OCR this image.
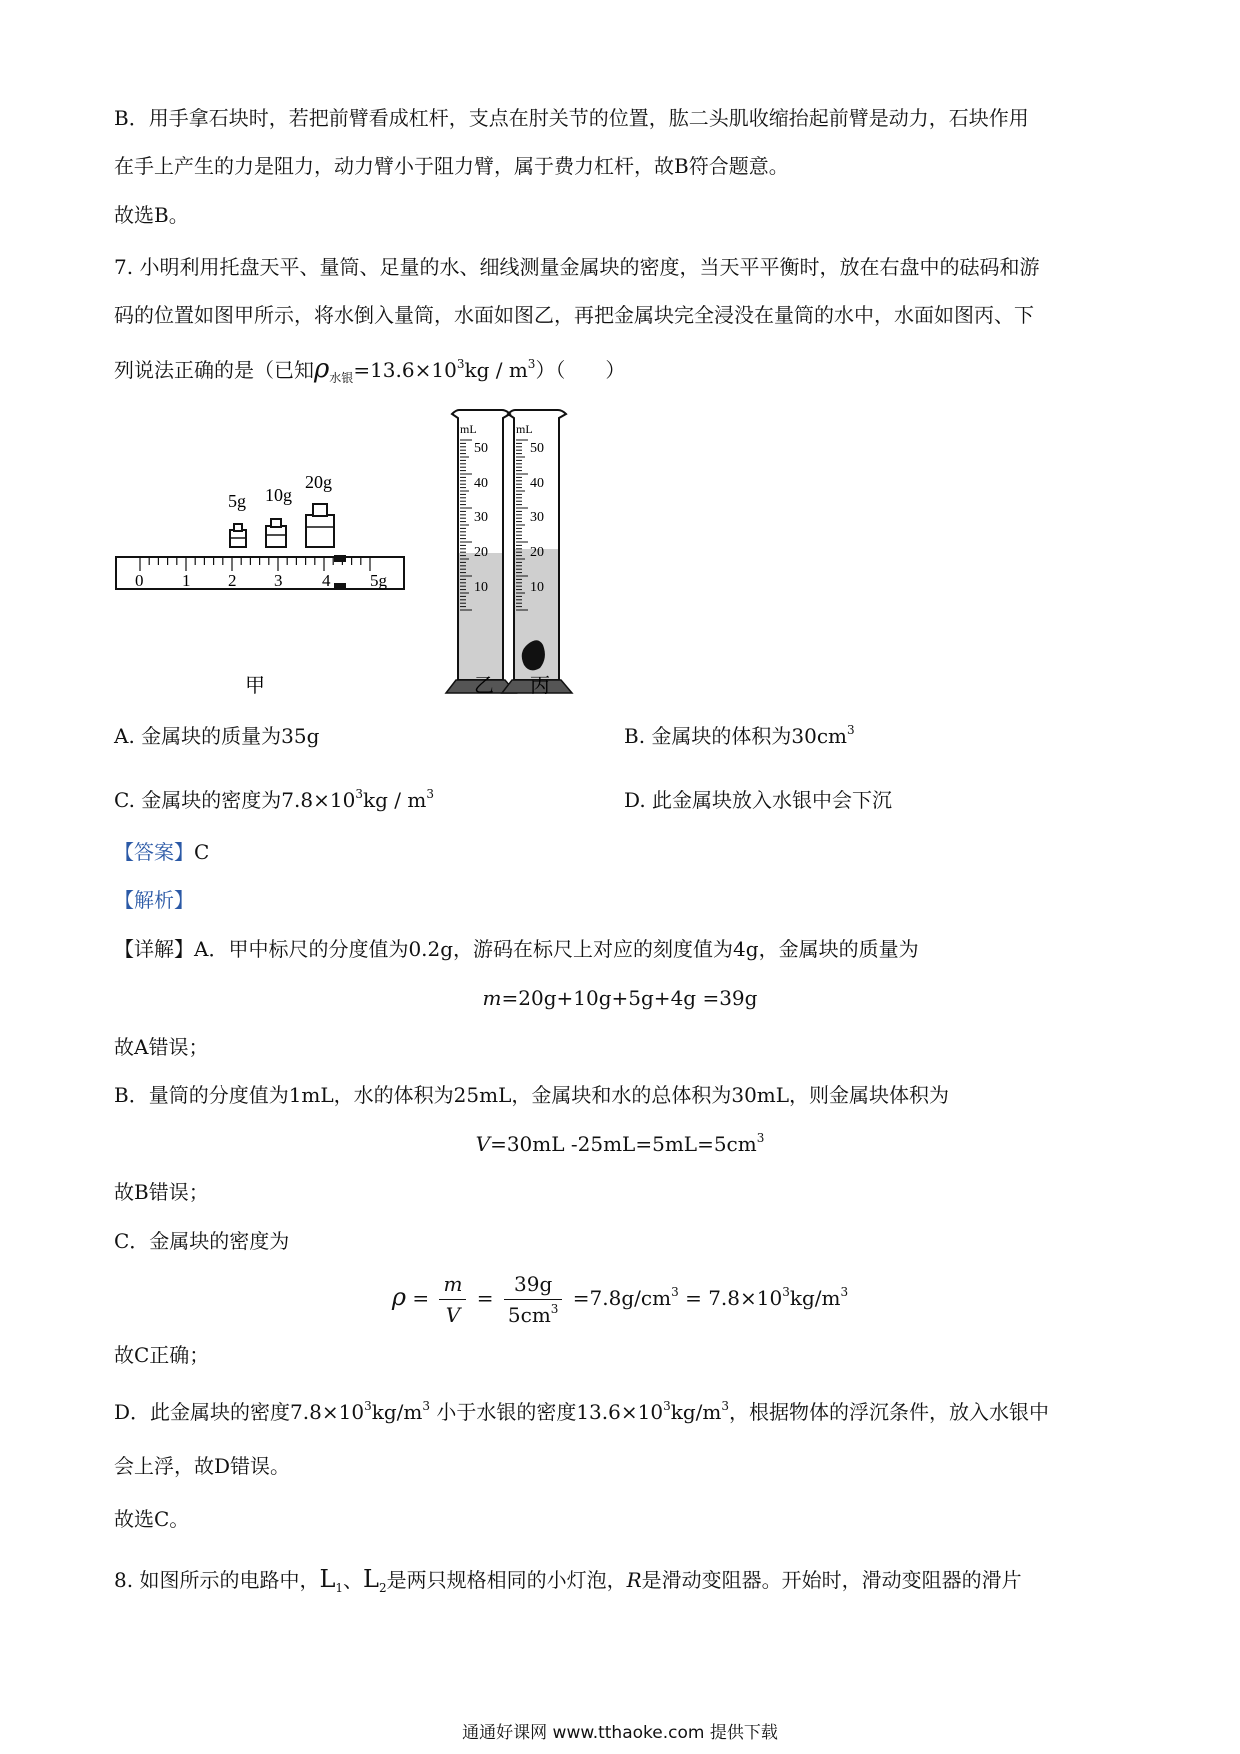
B．用手拿石块时，若把前臂看成杠杆，支点在肘关节的位置，肱二头肌收缩抬起前臂是动力，石块作用
在手上产生的力是阻力，动力臂小于阻力臂，属于费力杠杆，故B符合题意。
故选B。
7. 小明利用托盘天平、量筒、足量的水、细线测量金属块的密度，当天平平衡时，放在右盘中的砝码和游
码的位置如图甲所示，将水倒入量筒，水面如图乙，再把金属块完全浸没在量筒的水中，水面如图丙、下
列说法正确的是（已知$\rho_{水银}=13.6\times 10^3kg / m^3$）（　　）
5g 10g
20g
0 1 2 3 4 5g
mL
50
40
30
20
10
mL
50
40
30
20
10
甲	乙 丙
A. 金属块的质量为35g	B. 金属块的体积为$30cm^3$
C. 金属块的密度为$7.8\times 10^3kg / m^3$	D. 此金属块放入水银中会下沉
【答案】C
【解析】
【详解】A．甲中标尺的分度值为0.2g，游码在标尺上对应的刻度值为4g，金属块的质量为
m=20g+10g+5g+4g =39g
故A错误；
B．量筒的分度值为1mL，水的体积为25mL，金属块和水的总体积为30mL，则金属块体积为
V=30mL $-25mL=5mL=5cm^3$
故B错误；
C．金属块的密度为
$\rho = \frac{m}{V} = \frac{39g}{5cm^3} =7.8g/cm^3 = 7.8\times 10^3kg/m^3$
故C正确；
D．此金属块的密度$7.8\times 10^3kg/m^3$ 小于水银的密度$13.6\times 10^3kg/m^3$，根据物体的浮沉条件，放入水银中
会上浮，故D错误。
故选C。
8. 如图所示的电路中，$L_1$、$L_2$是两只规格相同的小灯泡，R是滑动变阻器。开始时，滑动变阻器的滑片
通通好课网 www.tthaoke.com 提供下载
